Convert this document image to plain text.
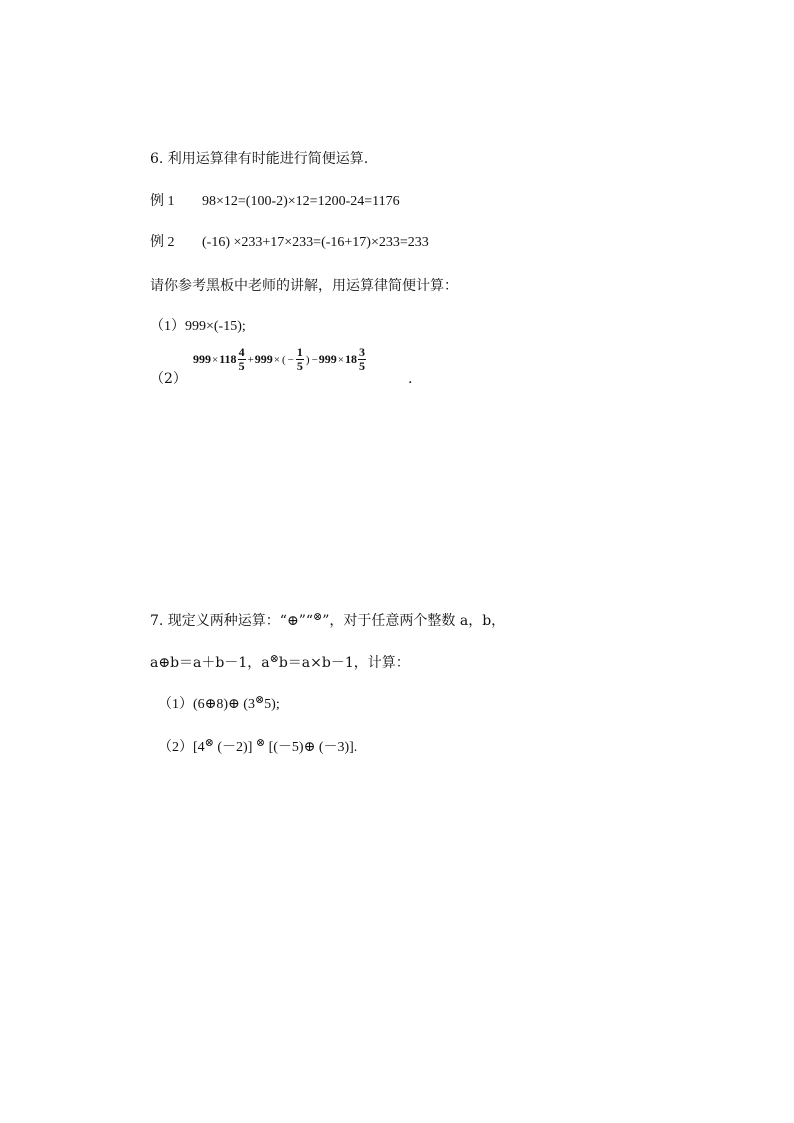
6. 利用运算律有时能进行简便运算.
例 1 98×12=(100-2)×12=1200-24=1176
例 2 (-16) ×233+17×233=(-16+17)×233=233
请你参考黑板中老师的讲解，用运算律简便计算：
（1）999×(-15);
（2）
$999 \times 118 \frac{4}{5} + 999$ × ( − $\frac{1}{5}$ ) − $999 \times 18 \frac{3}{5}$
.
7. 现定义两种运算：“⊕”“⊗”，对于任意两个整数 a，b，
a⊕b＝a＋b－1，a⊗b＝a×b－1，计算：
（1）(6⊕8)⊕ (3⊗5);
（2）[4⊗ (－2)] ⊗ [(－5)⊕ (－3)].
